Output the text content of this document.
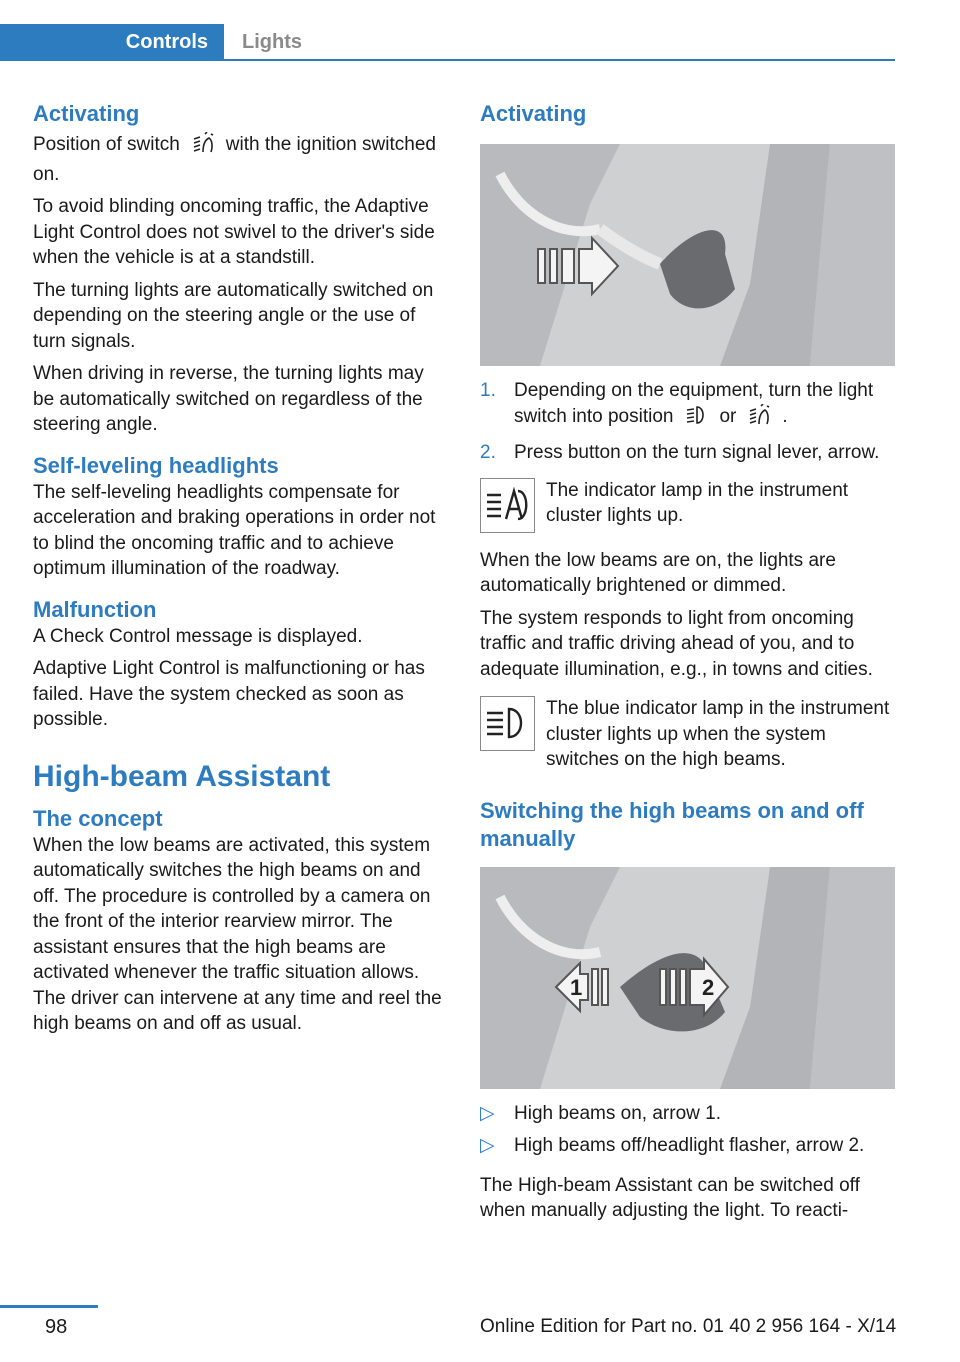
Controls	Lights
Activating

Position of switch with the ignition switched on.

To avoid blinding oncoming traffic, the Adaptive Light Control does not swivel to the driver's side when the vehicle is at a standstill.

The turning lights are automatically switched on depending on the steering angle or the use of turn signals.

When driving in reverse, the turning lights may be automatically switched on regardless of the steering angle.

Self-leveling headlights

The self-leveling headlights compensate for acceleration and braking operations in order not to blind the oncoming traffic and to achieve optimum illumination of the roadway.

Malfunction

A Check Control message is displayed.

Adaptive Light Control is malfunctioning or has failed. Have the system checked as soon as possible.

High-beam Assistant
The concept

When the low beams are activated, this system automatically switches the high beams on and off. The procedure is controlled by a camera on the front of the interior rearview mirror. The assistant ensures that the high beams are activated whenever the traffic situation allows. The driver can intervene at any time and reel the high beams on and off as usual.

Activating
1. Depending on the equipment, turn the light switch into position or .
2. Press button on the turn signal lever, arrow.
The indicator lamp in the instrument cluster lights up.

When the low beams are on, the lights are automatically brightened or dimmed.

The system responds to light from oncoming traffic and traffic driving ahead of you, and to adequate illumination, e.g., in towns and cities.

The blue indicator lamp in the instrument cluster lights up when the system switches on the high beams.
Switching the high beams on and off manually
1	2
▷ High beams on, arrow 1.
▷ High beams off/headlight flasher, arrow 2.

The High-beam Assistant can be switched off when manually adjusting the light. To reacti-

98	Online Edition for Part no. 01 40 2 956 164 - X/14
